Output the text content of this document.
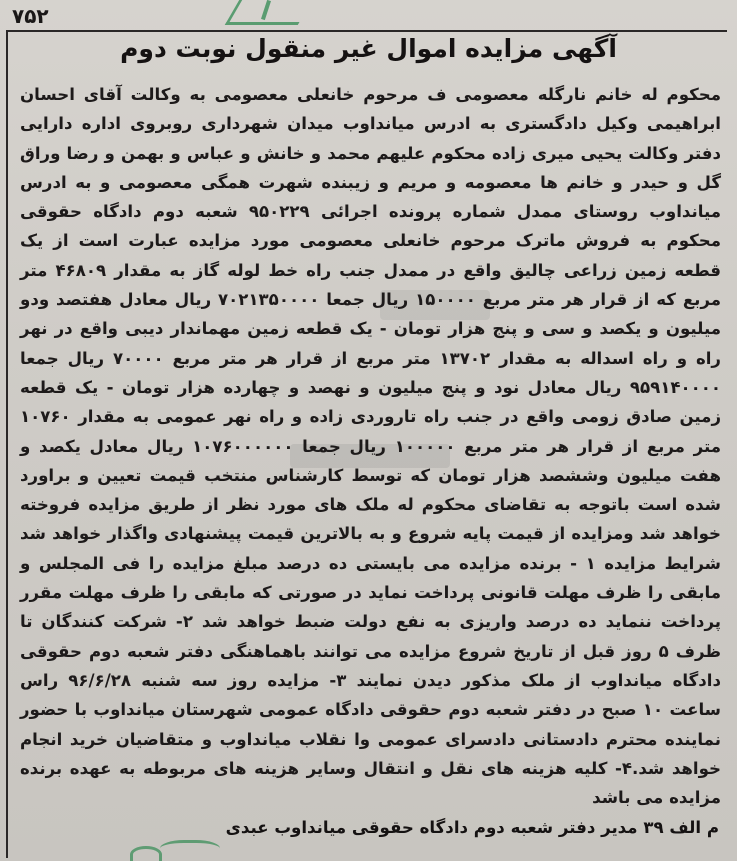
۷۵۲
آگهی مزایده اموال غیر منقول نوبت دوم
محکوم له خانم نارگله معصومی ف مرحوم خانعلی معصومی به وکالت آقای احسان ابراهیمی وکیل دادگستری به ادرس میانداوب میدان شهرداری روبروی اداره دارایی دفتر وکالت یحیی میری زاده محکوم علیهم محمد و خانش و عباس و بهمن و رضا وراق گل و حیدر و خانم ها معصومه و مریم و زیبنده شهرت همگی معصومی و به ادرس میانداوب روستای ممدل شماره پرونده اجرائی ۹۵۰۲۲۹ شعبه دوم دادگاه حقوقی محکوم به فروش ماترک مرحوم خانعلی معصومی مورد مزایده عبارت است از یک قطعه زمین زراعی چالیق واقع در ممدل جنب راه خط لوله گاز به مقدار ۴۶۸۰۹ متر مربع که از قرار هر متر مربع ۱۵۰۰۰۰ ریال جمعا ۷۰۲۱۳۵۰۰۰۰ ریال معادل هفتصد ودو میلیون و یکصد و سی و پنج هزار تومان - یک قطعه زمین مهماندار دیبی واقع در نهر راه و راه اسداله به مقدار ۱۳۷۰۲ متر مربع از قرار هر متر مربع ۷۰۰۰۰ ریال جمعا ۹۵۹۱۴۰۰۰۰ ریال معادل نود و پنج میلیون و نهصد و چهارده هزار تومان - یک قطعه زمین صادق زومی واقع در جنب راه تاروردی زاده و راه نهر عمومی به مقدار ۱۰۷۶۰ متر مربع از قرار هر متر مربع ۱۰۰۰۰۰ ریال جمعا ۱۰۷۶۰۰۰۰۰۰ ریال معادل یکصد و هفت میلیون وششصد هزار تومان که توسط کارشناس منتخب قیمت تعیین و براورد شده است باتوجه به تقاضای محکوم له ملک های مورد نظر از طریق مزایده فروخته خواهد شد ومزایده از قیمت پایه شروع و به بالاترین قیمت پیشنهادی واگذار خواهد شد شرایط مزایده ۱ - برنده مزایده می بایستی ده درصد مبلغ مزایده را فی المجلس و مابقی را ظرف مهلت قانونی پرداخت نماید در صورتی که مابقی را ظرف مهلت مقرر پرداخت ننماید ده درصد واریزی به نفع دولت ضبط خواهد شد ۲- شرکت کنندگان تا ظرف ۵ روز قبل از تاریخ شروع مزایده می توانند باهماهنگی دفتر شعبه دوم حقوقی دادگاه میانداوب از ملک مذکور دیدن نمایند ۳- مزایده روز سه شنبه ۹۶/۶/۲۸ راس ساعت ۱۰ صبح در دفتر شعبه دوم حقوقی دادگاه عمومی شهرستان میانداوب با حضور نماینده محترم دادستانی دادسرای عمومی وا نقلاب میانداوب و متقاضیان خرید انجام خواهد شد.۴- کلیه هزینه های نقل و انتقال وسایر هزینه های مربوطه به عهده برنده مزایده می باشد
م الف ۳۹ مدیر دفتر شعبه دوم دادگاه حقوقی میانداوب عبدی
